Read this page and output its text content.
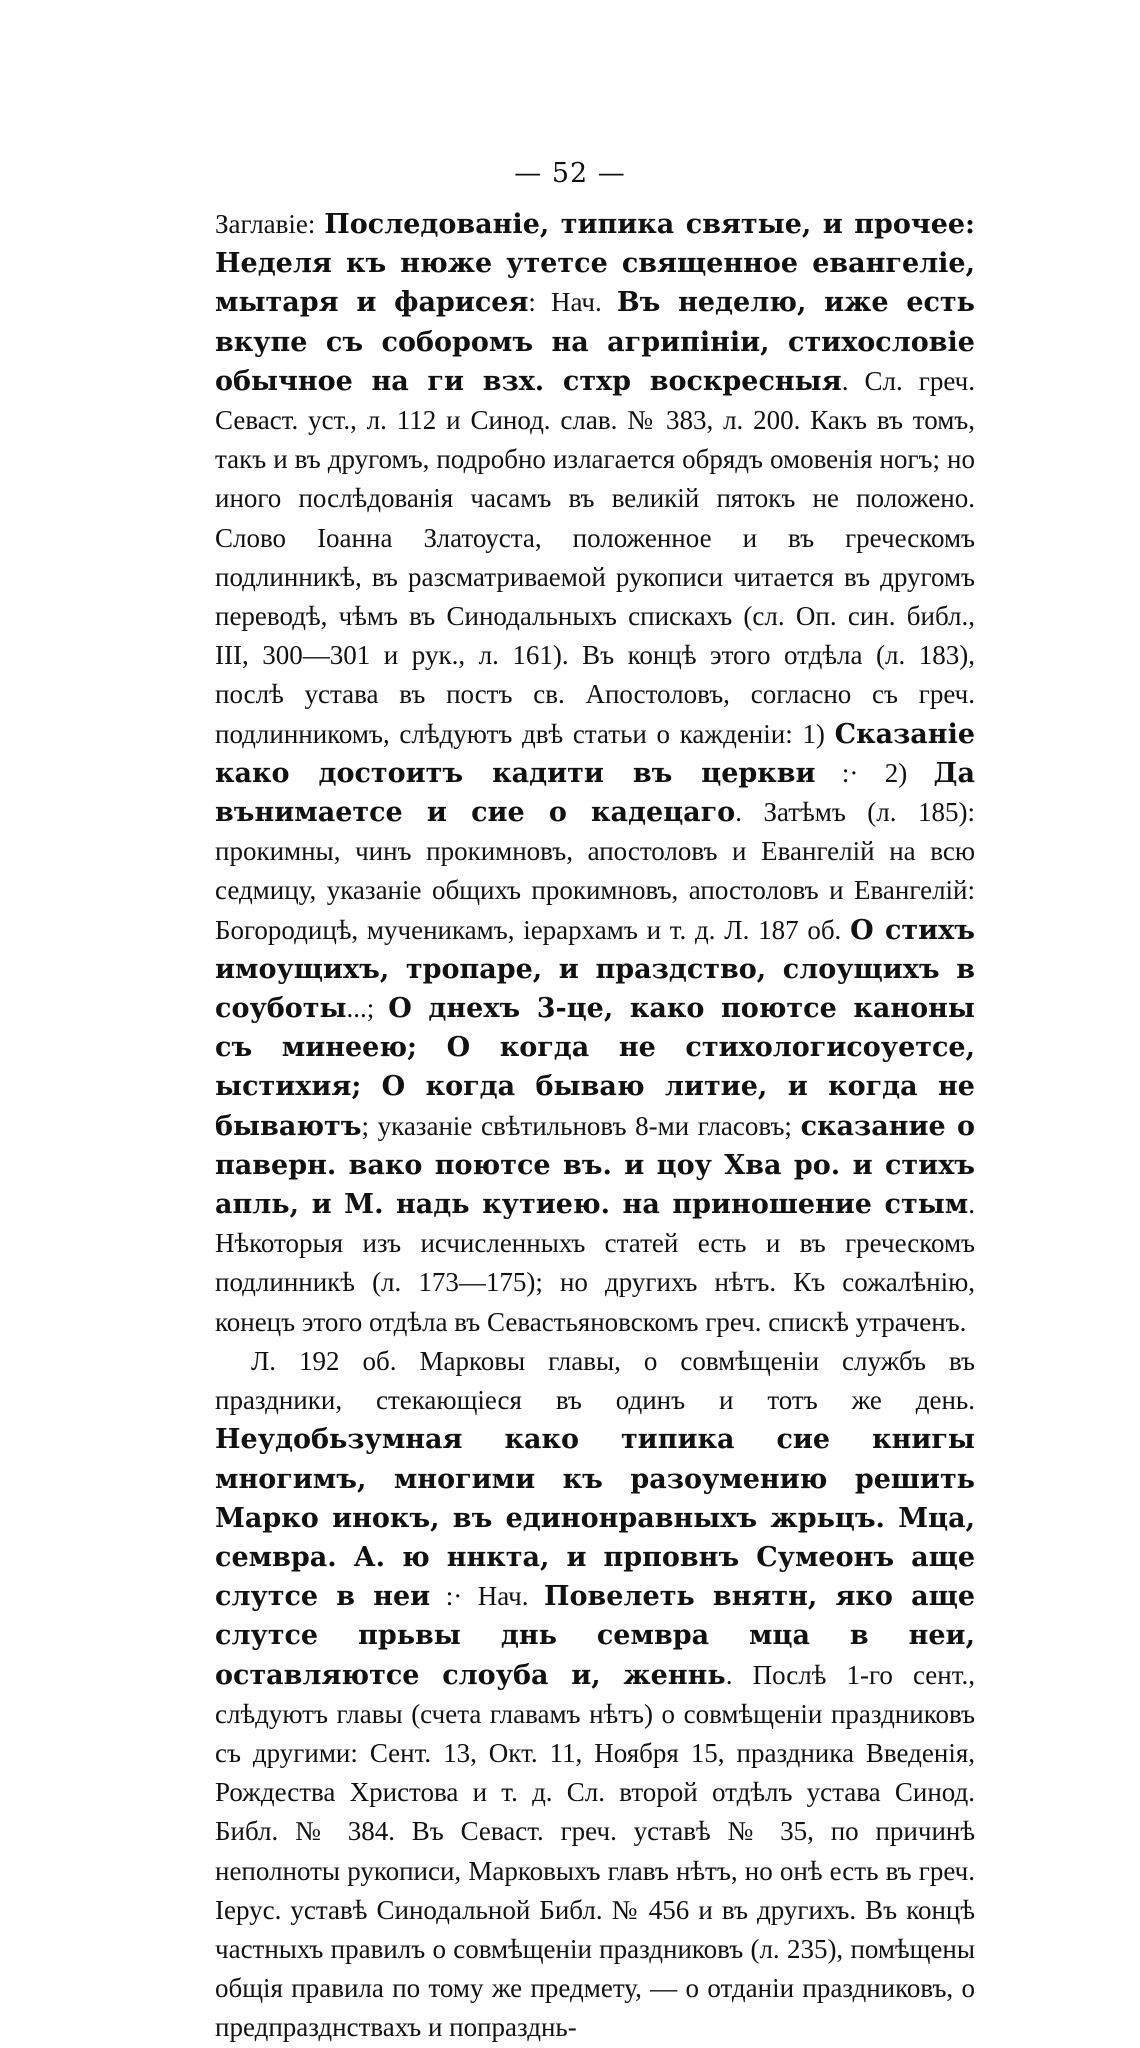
— 52 —

Заглавіе: Последованіе, типика святые, и прочее: Неделя къ нюже утетсе священное евангеліе, мытаря и фарисея: Нач. Въ неделю, иже есть вкупе съ соборомъ на агрипініи, стихословіе обычное на ги взх. стхр воскресныя. Сл. греч. Севаст. уст., л. 112 и Синод. слав. № 383, л. 200. Какъ въ томъ, такъ и въ другомъ, подробно излагается обрядъ омовенія ногъ; но иного послѣдованія часамъ въ великій пятокъ не положено. Слово Іоанна Златоуста, положенное и въ греческомъ подлинникѣ, въ разсматриваемой рукописи читается въ другомъ переводѣ, чѣмъ въ Синодальныхъ спискахъ (сл. Оп. син. библ., III, 300—301 и рук., л. 161). Въ концѣ этого отдѣла (л. 183), послѣ устава въ постъ св. Апостоловъ, согласно съ греч. подлинникомъ, слѣдуютъ двѣ статьи о кажденіи: 1) Сказаніе како достоитъ кадити въ церкви :· 2) Да вънимаетсе и сие о кадецаго. Затѣмъ (л. 185): прокимны, чинъ прокимновъ, апостоловъ и Евангелій на всю седмицу, указаніе общихъ прокимновъ, апостоловъ и Евангелій: Богородицѣ, мученикамъ, іерархамъ и т. д. Л. 187 об. О стихъ имоущихъ, тропаре, и праздство, слоущихъ в соуботы...; О днехъ 3-це, како поютсе каноны съ минеею; О когда не стихологисоуетсе, ыстихия; О когда бываю литие, и когда не бываютъ; указаніе свѣтильновъ 8-ми гласовъ; сказание о паверн. вако поютсе въ. и цоу Хва ро. и стихъ апль, и М. надь кутиею. на приношение стым. Нѣкоторыя изъ исчисленныхъ статей есть и въ греческомъ подлинникѣ (л. 173—175); но другихъ нѣтъ. Къ сожалѣнію, конецъ этого отдѣла въ Севастьяновскомъ греч. спискѣ утраченъ.

Л. 192 об. Марковы главы, о совмѣщеніи службъ въ праздники, стекающіеся въ одинъ и тотъ же день. Неудобьзумная како типика сие книгы многимъ, многими къ разоумению решить Марко инокъ, въ единонравныхъ жрьцъ. Мца, семвра. А. ю ннкта, и прповнъ Сумеонъ аще слутсе в неи :· Нач. Повелеть внятн, яко аще слутсе прьвы днь семвра мца в неи, оставляютсе слоуба и, женнь. Послѣ 1-го сент., слѣдуютъ главы (счета главамъ нѣтъ) о совмѣщеніи праздниковъ съ другими: Сент. 13, Окт. 11, Ноября 15, праздника Введенія, Рождества Христова и т. д. Сл. второй отдѣлъ устава Синод. Библ. № 384. Въ Севаст. греч. уставѣ № 35, по причинѣ неполноты рукописи, Марковыхъ главъ нѣтъ, но онѣ есть въ греч. Іерус. уставѣ Синодальной Библ. № 456 и въ другихъ. Въ концѣ частныхъ правилъ о совмѣщеніи праздниковъ (л. 235), помѣщены общія правила по тому же предмету, — о отданіи праздниковъ, о предпразднствахъ и попразднь-
